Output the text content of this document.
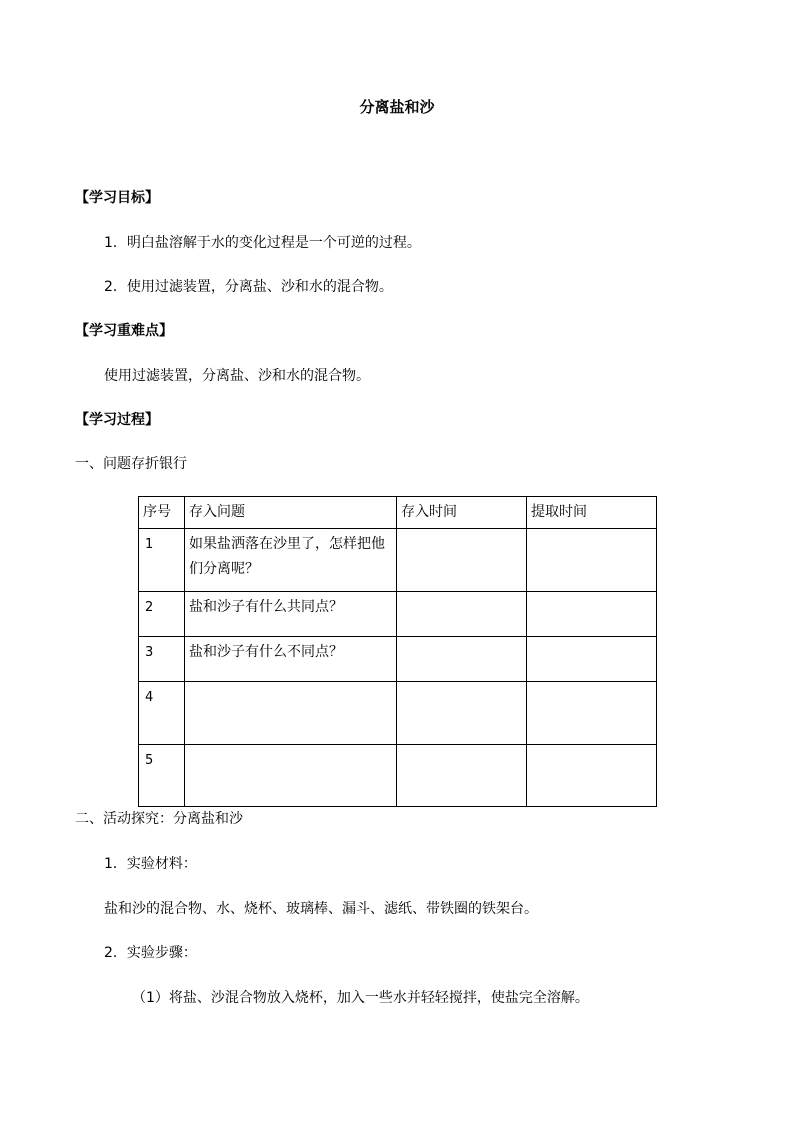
分离盐和沙
【学习目标】
1．明白盐溶解于水的变化过程是一个可逆的过程。
2．使用过滤装置，分离盐、沙和水的混合物。
【学习重难点】
使用过滤装置，分离盐、沙和水的混合物。
【学习过程】
一、问题存折银行
序号	存入问题	存入时间	提取时间
1	如果盐洒落在沙里了，怎样把他们分离呢？		
2	盐和沙子有什么共同点？		
3	盐和沙子有什么不同点？		
4			
5			
二、活动探究：分离盐和沙
1．实验材料：
盐和沙的混合物、水、烧杯、玻璃棒、漏斗、滤纸、带铁圈的铁架台。
2．实验步骤：
（1）将盐、沙混合物放入烧杯，加入一些水并轻轻搅拌，使盐完全溶解。
